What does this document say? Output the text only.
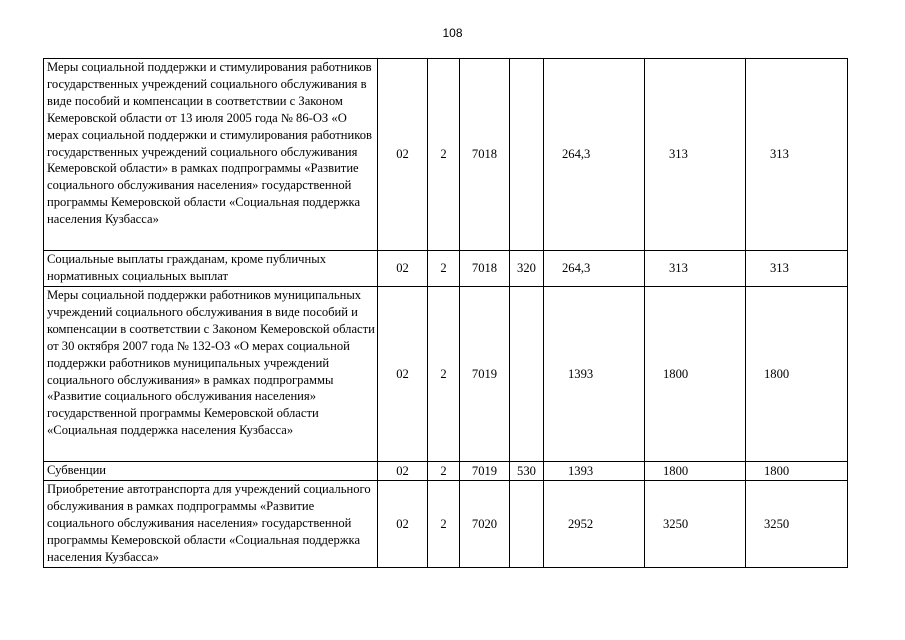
108
Меры социальной поддержки и стимулирования работников государственных учреждений социального обслуживания в виде пособий и компенсации в соответствии с Законом Кемеровской области от 13 июля 2005 года № 86-ОЗ «О мерах социальной поддержки и стимулирования работников государственных учреждений социального обслуживания Кемеровской области» в рамках подпрограммы «Развитие социального обслуживания населения» государственной программы Кемеровской области «Социальная поддержка населения Кузбасса»	02	2	7018		264,3	313	313
Социальные выплаты гражданам, кроме публичных нормативных социальных выплат	02	2	7018	320	264,3	313	313
Меры социальной поддержки работников муниципальных учреждений социального обслуживания в виде пособий и компенсации в соответствии с Законом Кемеровской области от 30 октября 2007 года № 132-ОЗ «О мерах социальной поддержки работников муниципальных учреждений социального обслуживания» в рамках подпрограммы «Развитие социального обслуживания населения» государственной программы Кемеровской области «Социальная поддержка населения Кузбасса»	02	2	7019		1393	1800	1800
Субвенции	02	2	7019	530	1393	1800	1800
Приобретение автотранспорта для учреждений социального обслуживания в рамках подпрограммы «Развитие социального обслуживания населения» государственной программы Кемеровской области «Социальная поддержка населения Кузбасса»	02	2	7020		2952	3250	3250
